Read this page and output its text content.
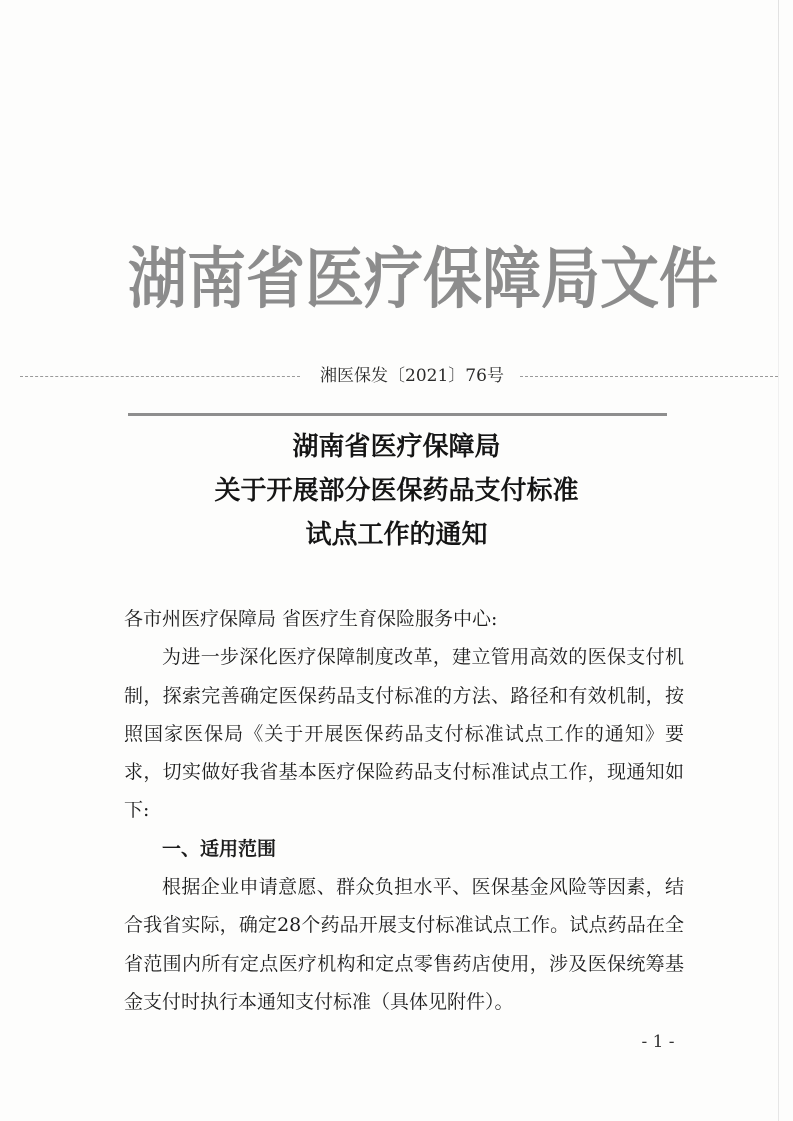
湖南省医疗保障局文件
湘医保发〔2021〕76号
湖南省医疗保障局
关于开展部分医保药品支付标准
试点工作的通知

各市州医疗保障局 省医疗生育保险服务中心:

为进一步深化医疗保障制度改革，建立管用高效的医保支付机制，探索完善确定医保药品支付标准的方法、路径和有效机制，按照国家医保局《关于开展医保药品支付标准试点工作的通知》要求，切实做好我省基本医疗保险药品支付标准试点工作，现通知如下:

一、适用范围

根据企业申请意愿、群众负担水平、医保基金风险等因素，结合我省实际，确定28个药品开展支付标准试点工作。试点药品在全省范围内所有定点医疗机构和定点零售药店使用，涉及医保统筹基金支付时执行本通知支付标准（具体见附件）。

- 1 -
